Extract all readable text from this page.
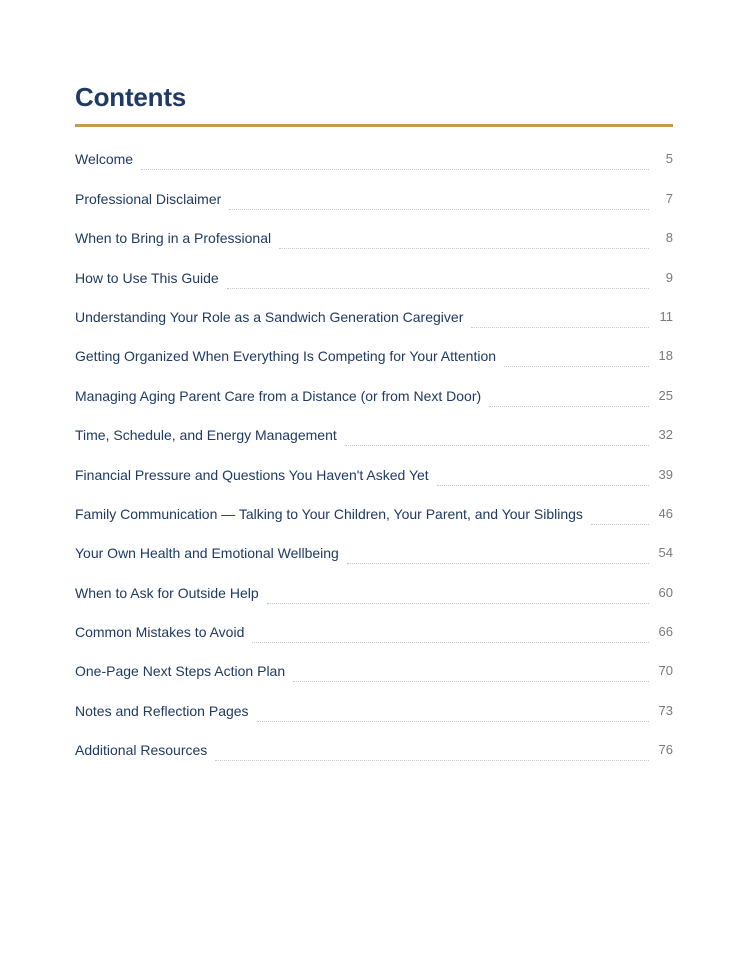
Contents
Welcome	5
Professional Disclaimer	7
When to Bring in a Professional	8
How to Use This Guide	9
Understanding Your Role as a Sandwich Generation Caregiver	11
Getting Organized When Everything Is Competing for Your Attention	18
Managing Aging Parent Care from a Distance (or from Next Door)	25
Time, Schedule, and Energy Management	32
Financial Pressure and Questions You Haven't Asked Yet	39
Family Communication — Talking to Your Children, Your Parent, and Your Siblings	46
Your Own Health and Emotional Wellbeing	54
When to Ask for Outside Help	60
Common Mistakes to Avoid	66
One-Page Next Steps Action Plan	70
Notes and Reflection Pages	73
Additional Resources	76
